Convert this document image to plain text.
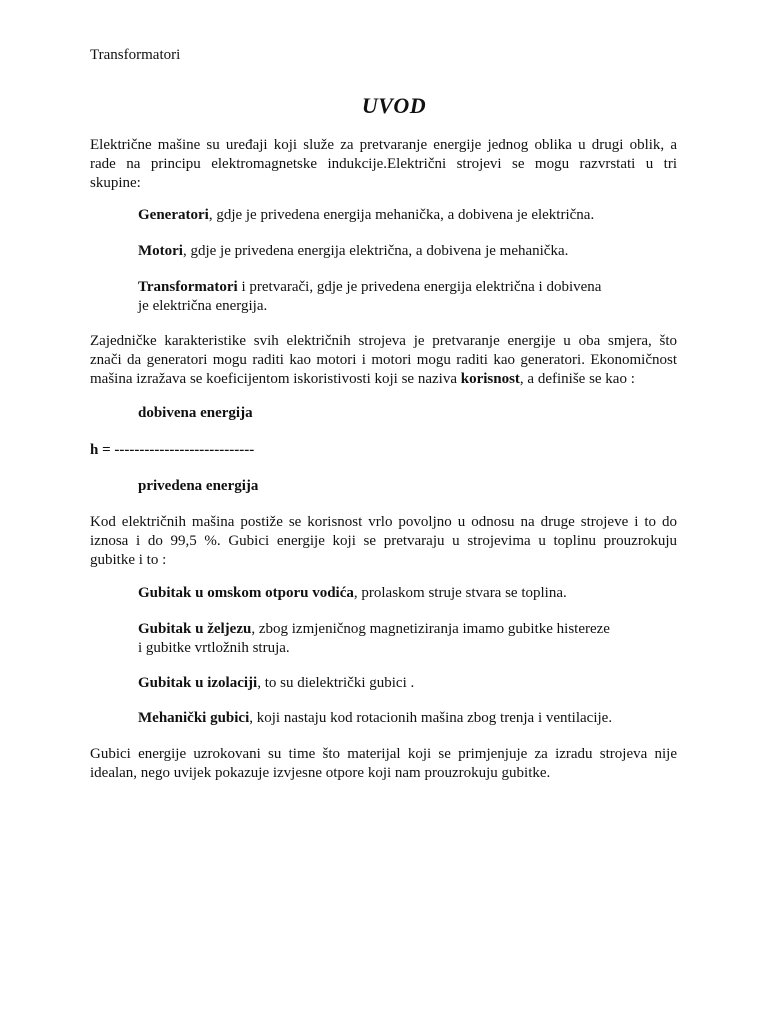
Transformatori
UVOD

Električne mašine su uređaji koji služe za pretvaranje energije jednog oblika u drugi oblik, a
rade na principu elektromagnetske indukcije.Električni strojevi se mogu razvrstati u tri
skupine:

Generatori, gdje je privedena energija mehanička, a dobivena je električna.

Motori, gdje je privedena energija električna, a dobivena je mehanička.

Transformatori i pretvarači, gdje je privedena energija električna i dobivena
je električna energija.

Zajedničke karakteristike svih električnih strojeva je pretvaranje energije u oba smjera, što
znači da generatori mogu raditi kao motori i motori mogu raditi kao generatori. Ekonomičnost
mašina izražava se koeficijentom iskoristivosti koji se naziva korisnost, a definiše se kao :

dobivena energija

h = ----------------------------

privedena energija

Kod električnih mašina postiže se korisnost vrlo povoljno u odnosu na druge strojeve i to do
iznosa i do 99,5 %. Gubici energije koji se pretvaraju u strojevima u toplinu prouzrokuju
gubitke i to :

Gubitak u omskom otporu vodića, prolaskom struje stvara se toplina.

Gubitak u željezu, zbog izmjeničnog magnetiziranja imamo gubitke histereze
i gubitke vrtložnih struja.

Gubitak u izolaciji, to su dielektrički gubici .

Mehanički gubici, koji nastaju kod rotacionih mašina zbog trenja i ventilacije.

Gubici energije uzrokovani su time što materijal koji se primjenjuje za izradu strojeva nije
idealan, nego uvijek pokazuje izvjesne otpore koji nam prouzrokuju gubitke.
